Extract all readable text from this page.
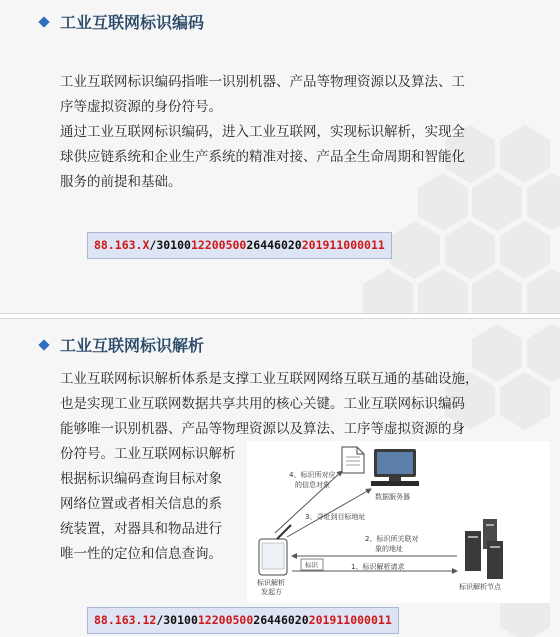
工业互联网标识编码

工业互联网标识编码指唯一识别机器、产品等物理资源以及算法、工

序等虚拟资源的身份符号。

通过工业互联网标识编码，进入工业互联网，实现标识解析，实现全

球供应链系统和企业生产系统的精准对接、产品全生命周期和智能化

服务的前提和基础。

88.163.X/301001220050026446020201911000011
工业互联网标识解析

工业互联网标识解析体系是支撑工业互联网网络互联互通的基础设施，

也是实现工业互联网数据共享共用的核心关键。工业互联网标识编码

能够唯一识别机器、产品等物理资源以及算法、工序等虚拟资源的身

份符号。工业互联网标识解析

根据标识编码查询目标对象

网络位置或者相关信息的系

统装置，对器具和物品进行

唯一性的定位和信息查询。

88.163.12/301001220050026446020201911000011
数据服务器
4、标识所对应
的信息对象
3、寻址到目标地址
2、标识所关联对
象的地址
标识	1、标识解析请求
标识解析
发起方
标识解析节点
